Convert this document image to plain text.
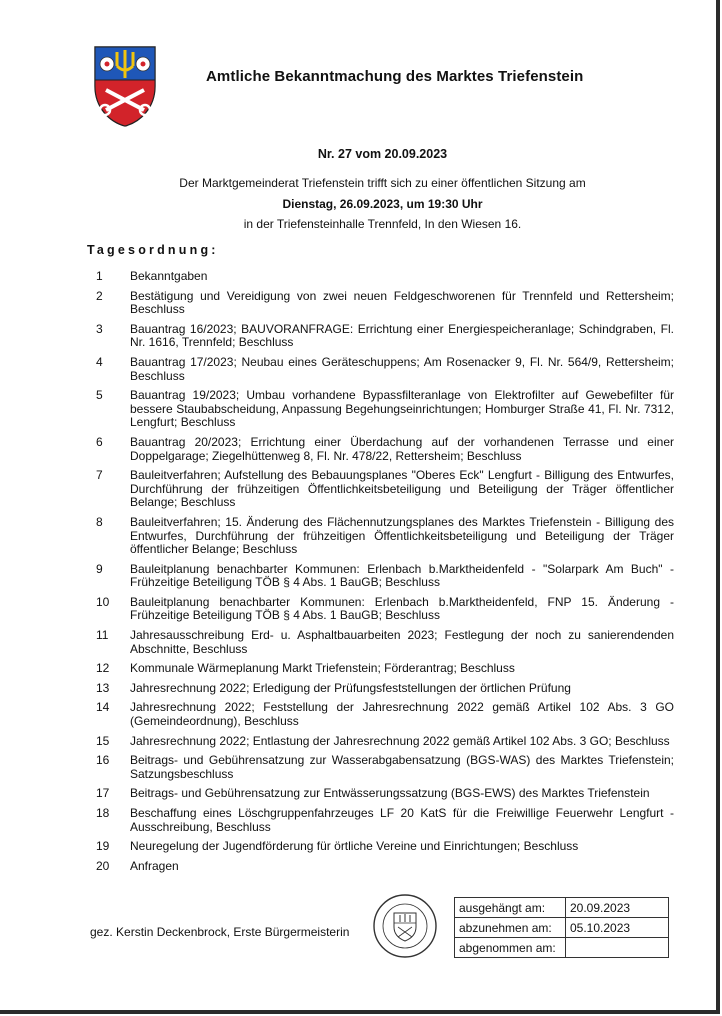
Amtliche Bekanntmachung des Marktes Triefenstein
Nr. 27 vom 20.09.2023
Der Marktgemeinderat Triefenstein trifft sich zu einer öffentlichen Sitzung am
Dienstag, 26.09.2023, um 19:30 Uhr
in der Triefensteinhalle Trennfeld, In den Wiesen 16.
Tagesordnung:
1	Bekanntgaben
2	Bestätigung und Vereidigung von zwei neuen Feldgeschworenen für Trennfeld und Rettersheim; Beschluss
3	Bauantrag 16/2023; BAUVORANFRAGE: Errichtung einer Energiespeicheranlage; Schindgraben, Fl. Nr. 1616, Trennfeld; Beschluss
4	Bauantrag 17/2023; Neubau eines Geräteschuppens; Am Rosenacker 9, Fl. Nr. 564/9, Rettersheim; Beschluss
5	Bauantrag 19/2023; Umbau vorhandene Bypassfilteranlage von Elektrofilter auf Gewebefilter für bessere Staubabscheidung, Anpassung Begehungseinrichtungen; Homburger Straße 41, Fl. Nr. 7312, Lengfurt; Beschluss
6	Bauantrag 20/2023; Errichtung einer Überdachung auf der vorhandenen Terrasse und einer Doppelgarage; Ziegelhüttenweg 8, Fl. Nr. 478/22, Rettersheim; Beschluss
7	Bauleitverfahren; Aufstellung des Bebauungsplanes "Oberes Eck" Lengfurt - Billigung des Entwurfes, Durchführung der frühzeitigen Öffentlichkeitsbeteiligung und Beteiligung der Träger öffentlicher Belange; Beschluss
8	Bauleitverfahren; 15. Änderung des Flächennutzungsplanes des Marktes Triefenstein - Billigung des Entwurfes, Durchführung der frühzeitigen Öffentlichkeitsbeteiligung und Beteiligung der Träger öffentlicher Belange; Beschluss
9	Bauleitplanung benachbarter Kommunen: Erlenbach b.Marktheidenfeld - "Solarpark Am Buch" - Frühzeitige Beteiligung TÖB § 4 Abs. 1 BauGB; Beschluss
10	Bauleitplanung benachbarter Kommunen: Erlenbach b.Marktheidenfeld, FNP 15. Änderung - Frühzeitige Beteiligung TÖB § 4 Abs. 1 BauGB; Beschluss
11	Jahresausschreibung Erd- u. Asphaltbauarbeiten 2023; Festlegung der noch zu sanierendenden Abschnitte, Beschluss
12	Kommunale Wärmeplanung Markt Triefenstein; Förderantrag; Beschluss
13	Jahresrechnung 2022; Erledigung der Prüfungsfeststellungen der örtlichen Prüfung
14	Jahresrechnung 2022; Feststellung der Jahresrechnung 2022 gemäß Artikel 102 Abs. 3 GO (Gemeindeordnung), Beschluss
15	Jahresrechnung 2022; Entlastung der Jahresrechnung 2022 gemäß Artikel 102 Abs. 3 GO; Beschluss
16	Beitrags- und Gebührensatzung zur Wasserabgabensatzung (BGS-WAS) des Marktes Triefenstein; Satzungsbeschluss
17	Beitrags- und Gebührensatzung zur Entwässerungssatzung (BGS-EWS) des Marktes Triefenstein
18	Beschaffung eines Löschgruppenfahrzeuges LF 20 KatS für die Freiwillige Feuerwehr Lengfurt - Ausschreibung, Beschluss
19	Neuregelung der Jugendförderung für örtliche Vereine und Einrichtungen; Beschluss
20	Anfragen
gez. Kerstin Deckenbrock, Erste Bürgermeisterin
ausgehängt am:	20.09.2023
abzunehmen am:	05.10.2023
abgenommen am:	
